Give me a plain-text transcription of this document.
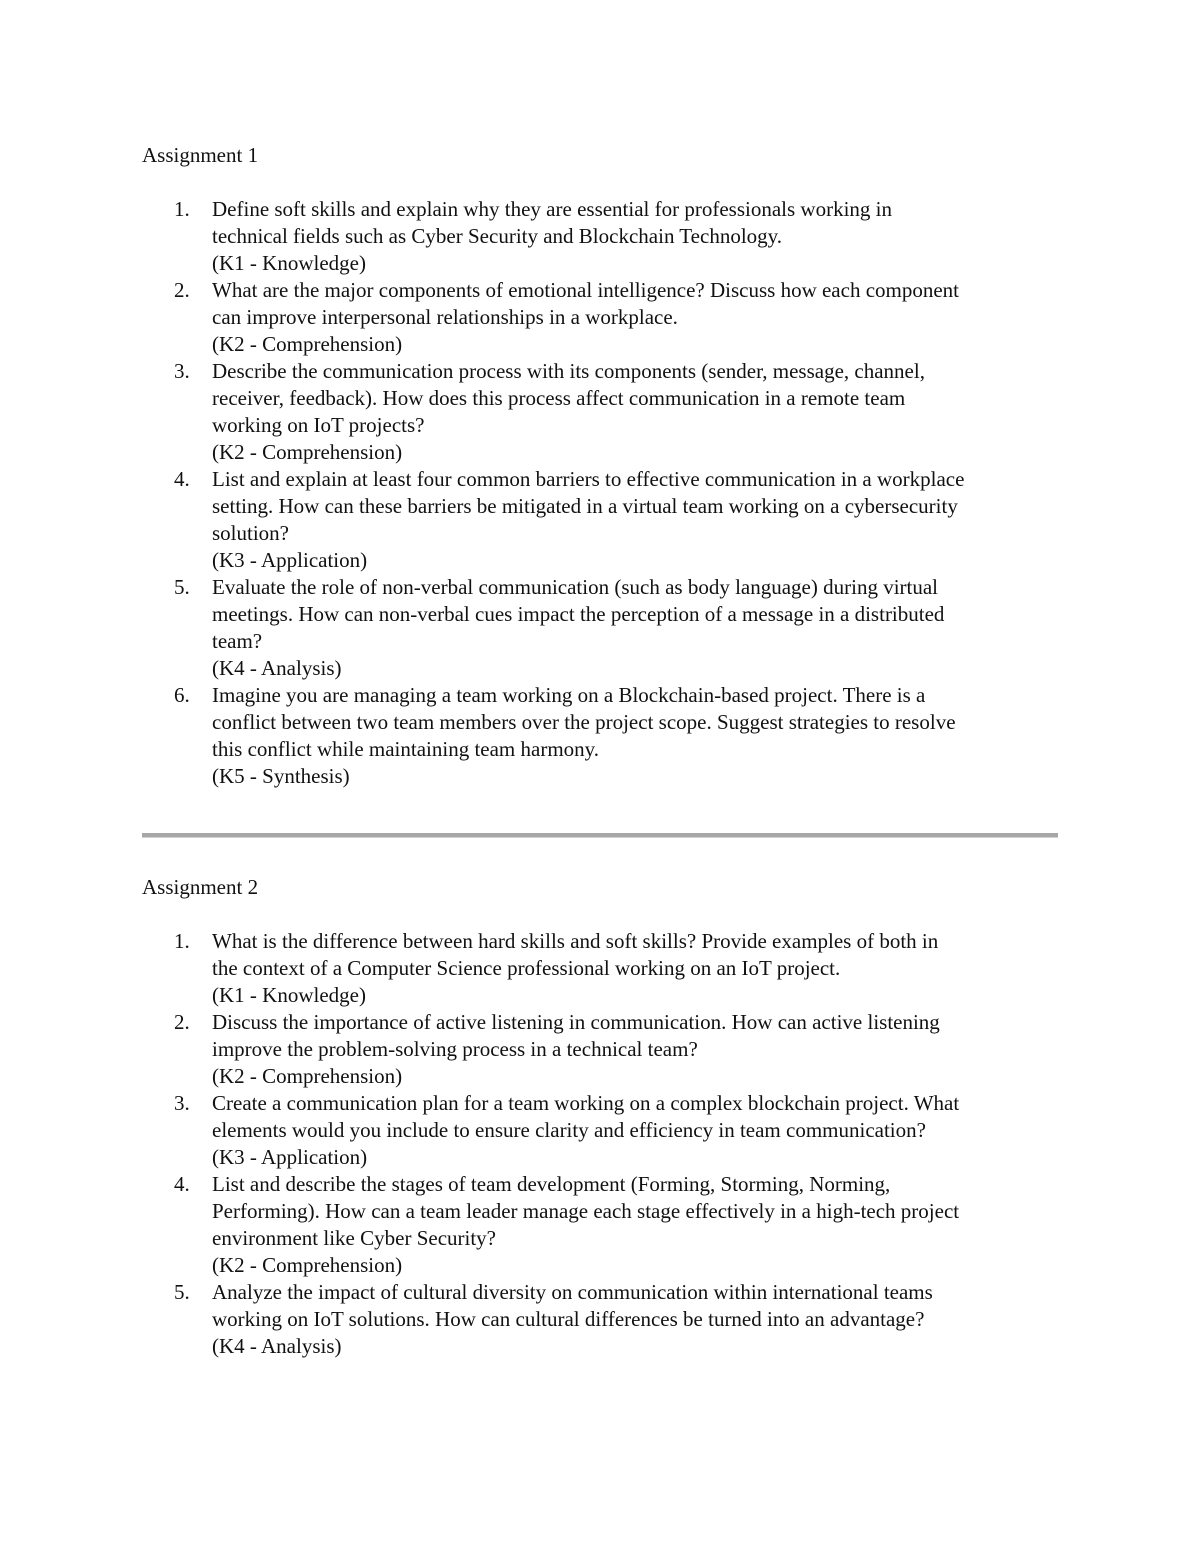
Assignment 1
1. Define soft skills and explain why they are essential for professionals working in
technical fields such as Cyber Security and Blockchain Technology.
(K1 - Knowledge)
2. What are the major components of emotional intelligence? Discuss how each component
can improve interpersonal relationships in a workplace.
(K2 - Comprehension)
3. Describe the communication process with its components (sender, message, channel,
receiver, feedback). How does this process affect communication in a remote team
working on IoT projects?
(K2 - Comprehension)
4. List and explain at least four common barriers to effective communication in a workplace
setting. How can these barriers be mitigated in a virtual team working on a cybersecurity
solution?
(K3 - Application)
5. Evaluate the role of non-verbal communication (such as body language) during virtual
meetings. How can non-verbal cues impact the perception of a message in a distributed
team?
(K4 - Analysis)
6. Imagine you are managing a team working on a Blockchain-based project. There is a
conflict between two team members over the project scope. Suggest strategies to resolve
this conflict while maintaining team harmony.
(K5 - Synthesis)
Assignment 2
1. What is the difference between hard skills and soft skills? Provide examples of both in
the context of a Computer Science professional working on an IoT project.
(K1 - Knowledge)
2. Discuss the importance of active listening in communication. How can active listening
improve the problem-solving process in a technical team?
(K2 - Comprehension)
3. Create a communication plan for a team working on a complex blockchain project. What
elements would you include to ensure clarity and efficiency in team communication?
(K3 - Application)
4. List and describe the stages of team development (Forming, Storming, Norming,
Performing). How can a team leader manage each stage effectively in a high-tech project
environment like Cyber Security?
(K2 - Comprehension)
5. Analyze the impact of cultural diversity on communication within international teams
working on IoT solutions. How can cultural differences be turned into an advantage?
(K4 - Analysis)
